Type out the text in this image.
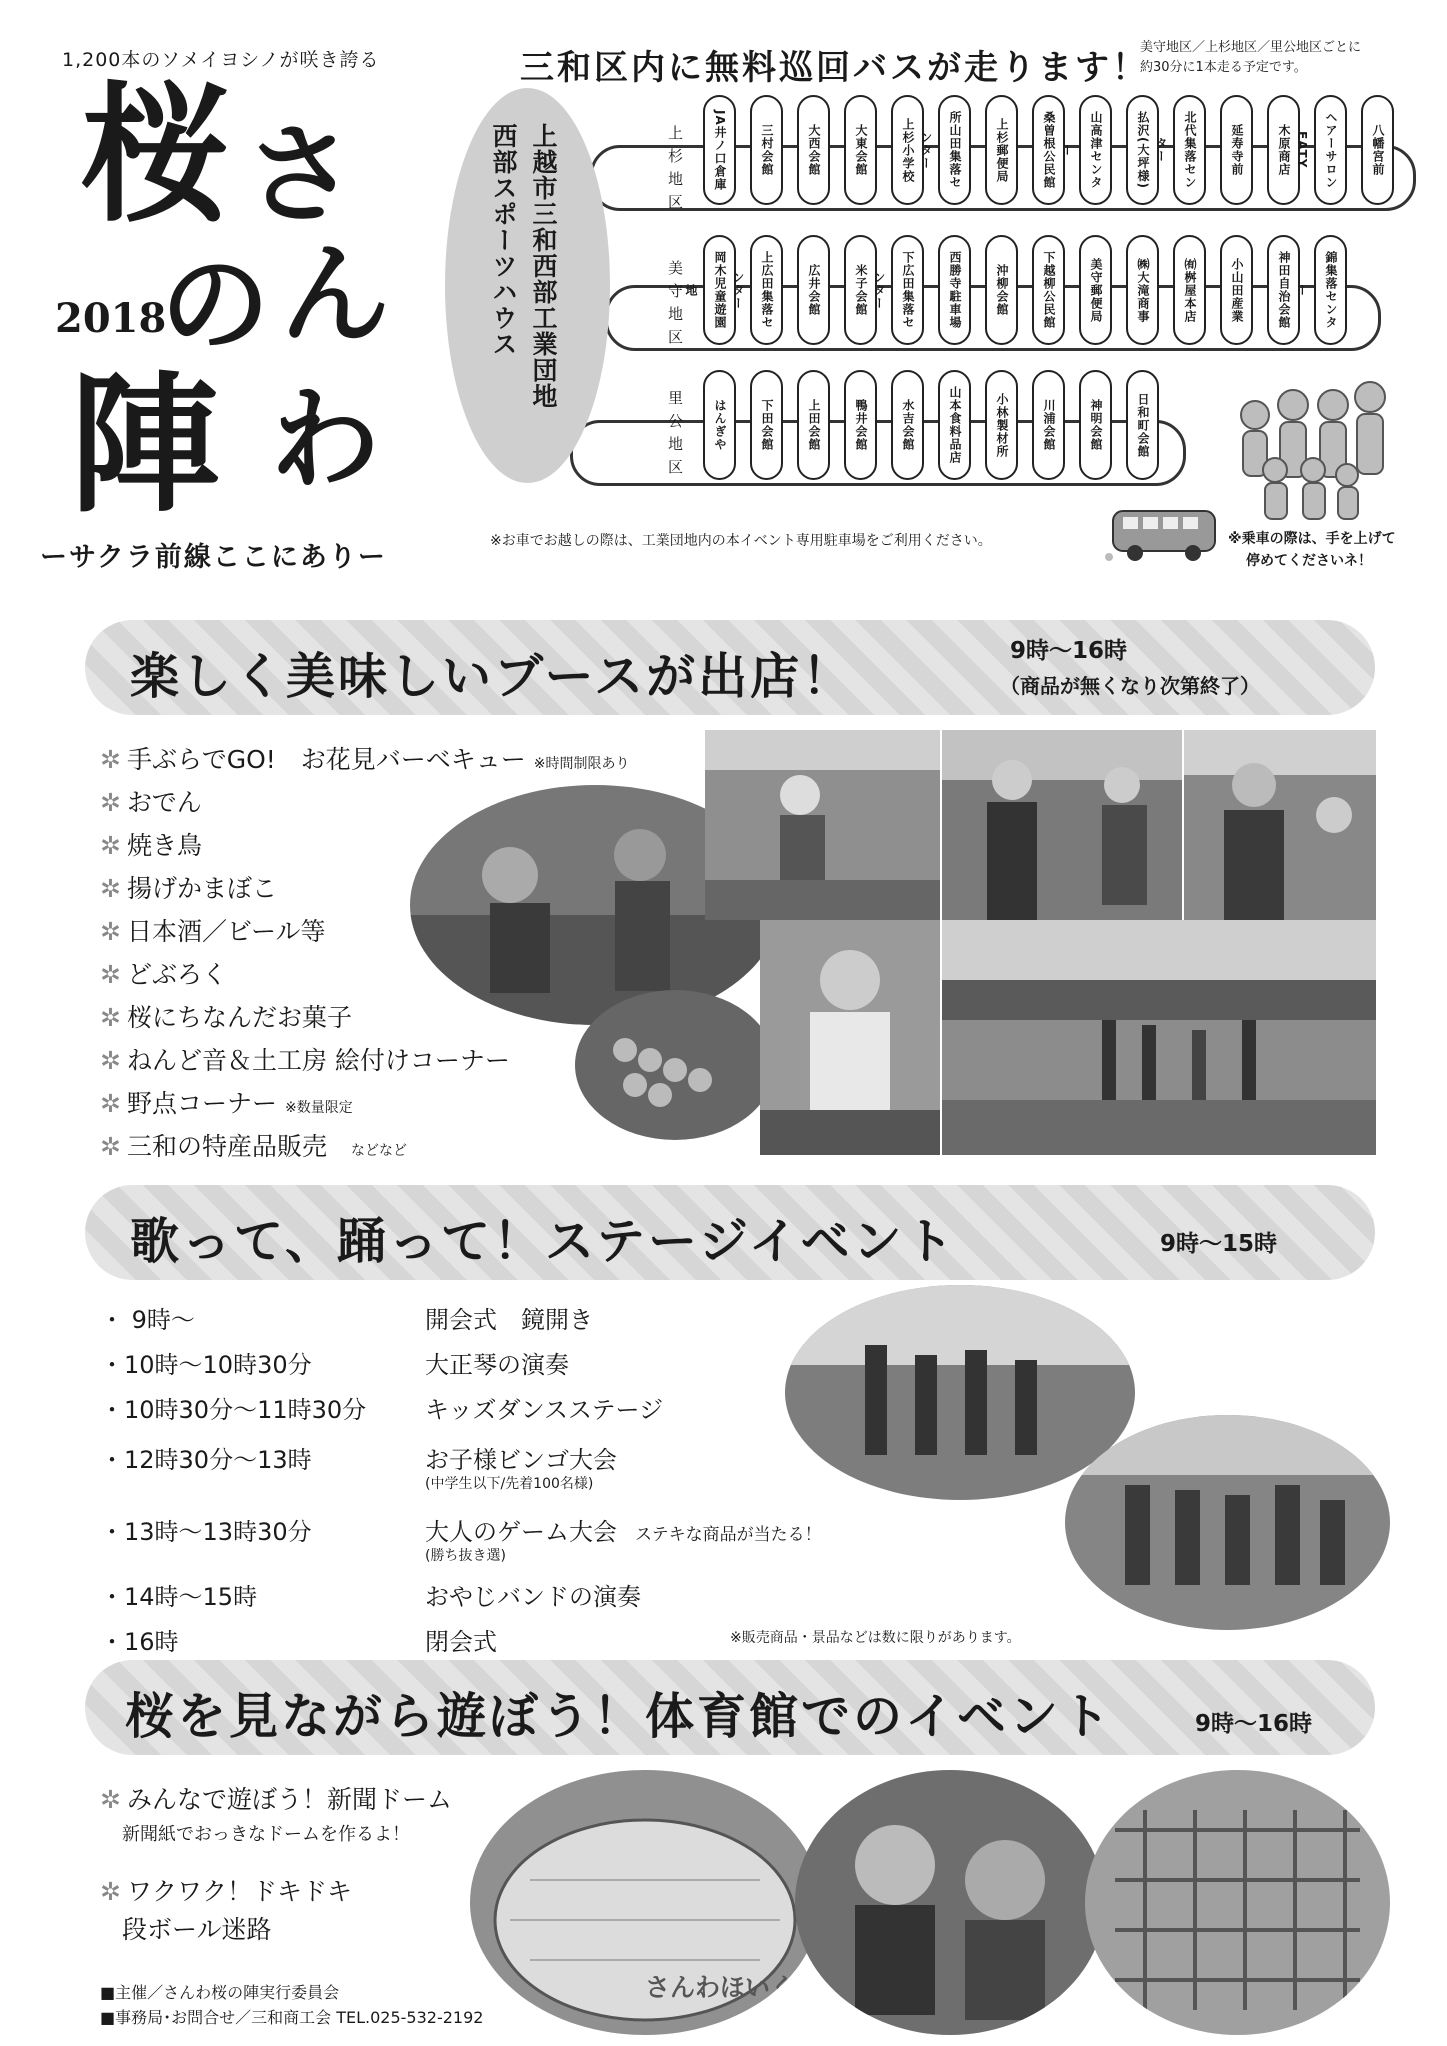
1,200本のソメイヨシノが咲き誇る
桜 さ
の ん
陣 わ
2018
ーサクラ前線ここにありー
三和区内に無料巡回バスが走ります！
美守地区／上杉地区／里公地区ごとに
約30分に1本走る予定です。
上越市三和西部工業団地
西部スポーツハウス	上杉地区
美守地区
里公地区
JA井ノ口倉庫	三村会館	大西会館	大東会館	上杉小学校	所山田集落センター	上杉郵便局	桑曽根公民館	山高津センター	払沢(大坪様)	北代集落センター	延寿寺前	木原商店	ヘアーサロンEATY	八幡宮前
岡木児童遊園地	上広田集落センター	広井会館	米子会館	下広田集落センター	西勝寺駐車場	沖柳会館	下越柳公民館	美守郵便局	㈱大滝商事	㈲桝屋本店	小山田産業	神田自治会館	錦集落センター
はんぎや	下田会館	上田会館	鴨井会館	水吉会館	山本食料品店	小林製材所	川浦会館	神明会館	日和町会館
※お車でお越しの際は、工業団地内の本イベント専用駐車場をご利用ください。	※乗車の際は、手を上げて
停めてくださいネ！
楽しく美味しいブースが出店！	9時～16時
（商品が無くなり次第終了）
✲ 手ぶらでGO!　お花見バーベキュー ※時間制限あり
✲ おでん
✲ 焼き鳥
✲ 揚げかまぼこ
✲ 日本酒／ビール等
✲ どぶろく
✲ 桜にちなんだお菓子
✲ ねんど音＆土工房 絵付けコーナー
✲ 野点コーナー ※数量限定
✲ 三和の特産品販売 などなど
歌って、踊って！ステージイベント	9時～15時
・ 9時～	開会式　鏡開き
・10時～10時30分	大正琴の演奏
・10時30分～11時30分 キッズダンスステージ
・12時30分～13時	お子様ビンゴ大会
(中学生以下/先着100名様)
・13時～13時30分	大人のゲーム大会 ステキな商品が当たる！
(勝ち抜き選)
・14時～15時	おやじバンドの演奏
・16時	閉会式	※販売商品・景品などは数に限りがあります。
桜を見ながら遊ぼう！体育館でのイベント	9時～16時
✲ みんなで遊ぼう！新聞ドーム
新聞紙でおっきなドームを作るよ！
✲ ワクワク！ドキドキ
段ボール迷路
さんわほいく
■主催／さんわ桜の陣実行委員会
■事務局･お問合せ／三和商工会 TEL.025-532-2192
